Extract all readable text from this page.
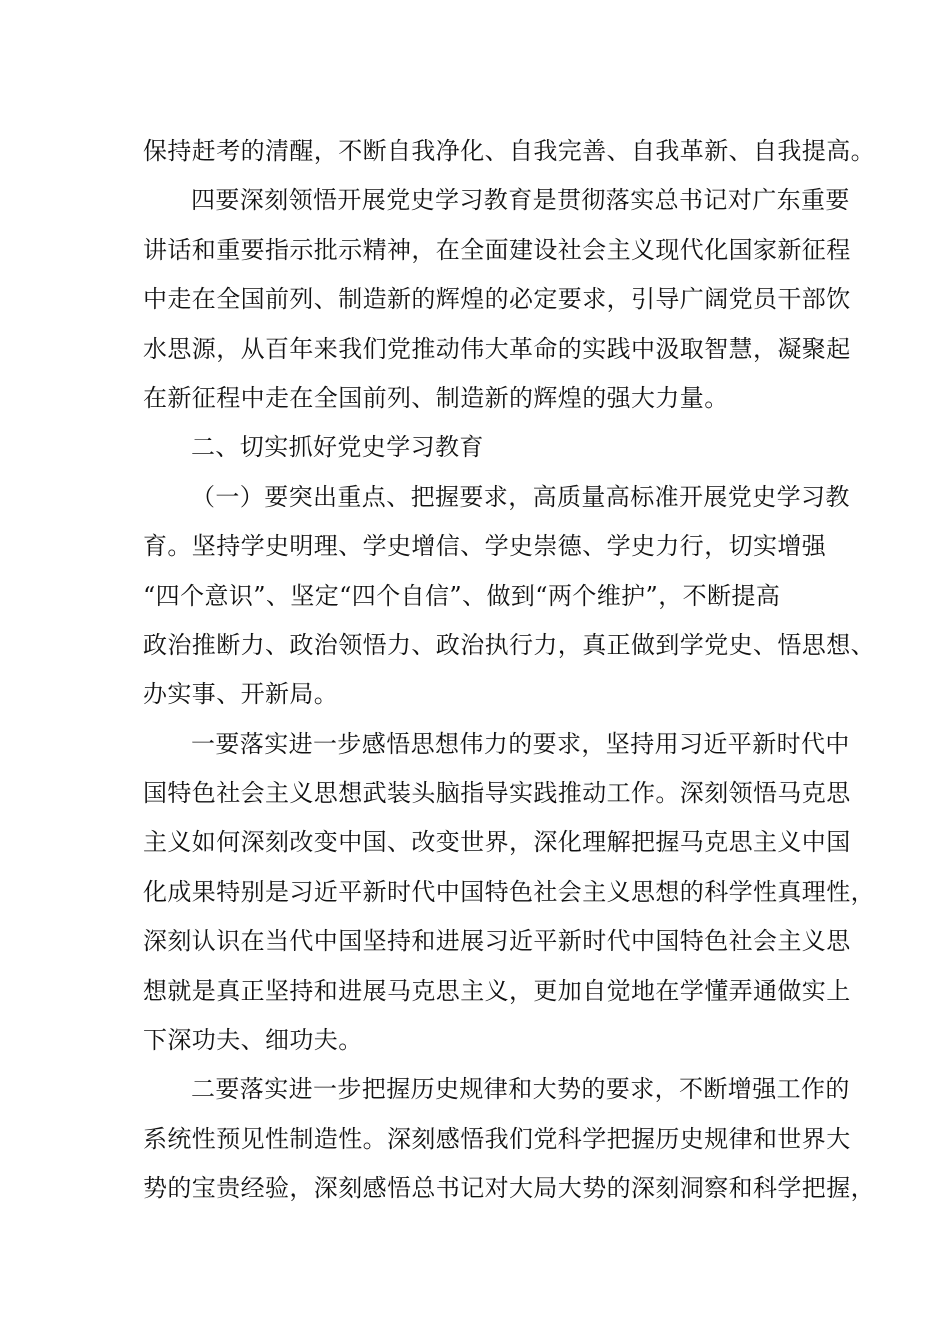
保持赶考的清醒，不断自我净化、自我完善、自我革新、自我提高。
四要深刻领悟开展党史学习教育是贯彻落实总书记对广东重要
讲话和重要指示批示精神，在全面建设社会主义现代化国家新征程
中走在全国前列、制造新的辉煌的必定要求，引导广阔党员干部饮
水思源，从百年来我们党推动伟大革命的实践中汲取智慧，凝聚起
在新征程中走在全国前列、制造新的辉煌的强大力量。
二、切实抓好党史学习教育
（一）要突出重点、把握要求，高质量高标准开展党史学习教
育。坚持学史明理、学史增信、学史崇德、学史力行，切实增强
“四个意识”、坚定“四个自信”、做到“两个维护”，不断提高
政治推断力、政治领悟力、政治执行力，真正做到学党史、悟思想、
办实事、开新局。
一要落实进一步感悟思想伟力的要求，坚持用习近平新时代中
国特色社会主义思想武装头脑指导实践推动工作。深刻领悟马克思
主义如何深刻改变中国、改变世界，深化理解把握马克思主义中国
化成果特别是习近平新时代中国特色社会主义思想的科学性真理性，
深刻认识在当代中国坚持和进展习近平新时代中国特色社会主义思
想就是真正坚持和进展马克思主义，更加自觉地在学懂弄通做实上
下深功夫、细功夫。
二要落实进一步把握历史规律和大势的要求，不断增强工作的
系统性预见性制造性。深刻感悟我们党科学把握历史规律和世界大
势的宝贵经验，深刻感悟总书记对大局大势的深刻洞察和科学把握，
